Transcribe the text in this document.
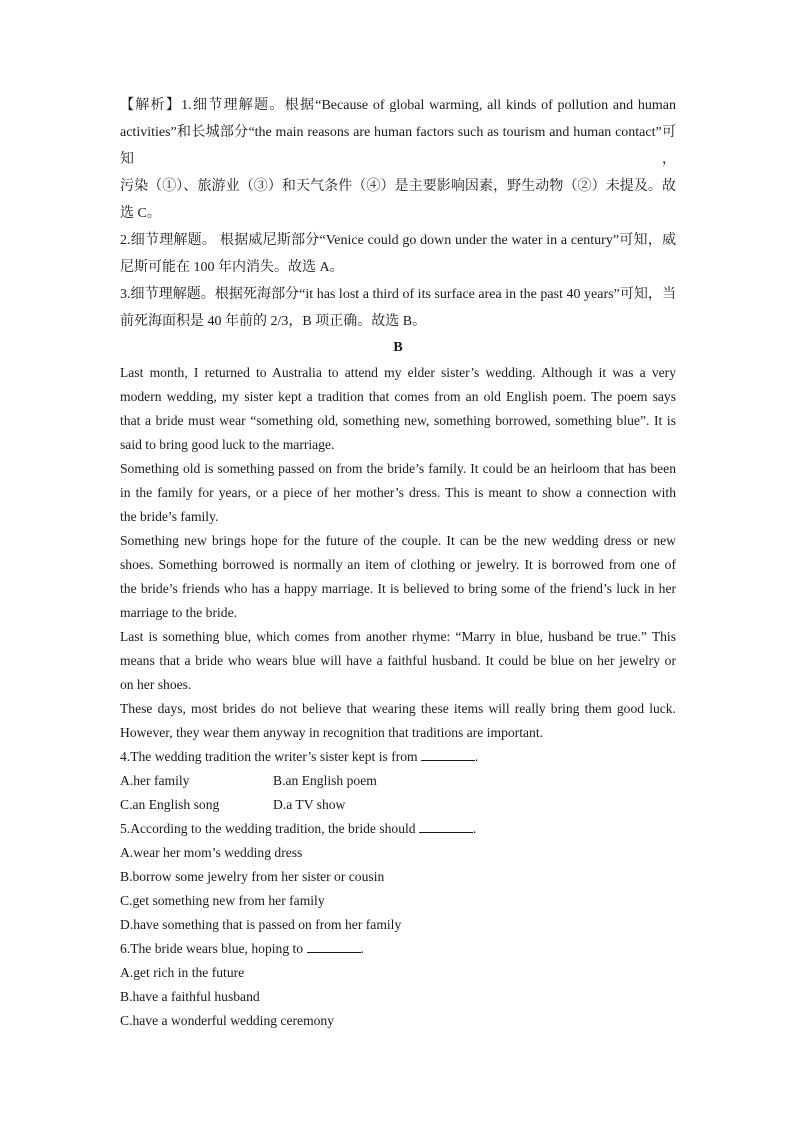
【解析】1.细节理解题。根据“Because of global warming, all kinds of pollution and human

activities”和长城部分“the main reasons are human factors such as tourism and human contact”可知，

污染（①）、旅游业（③）和天气条件（④）是主要影响因素，野生动物（②）未提及。故

选 C。

2.细节理解题。 根据威尼斯部分“Venice could go down under the water in a century”可知，威

尼斯可能在 100 年内消失。故选 A。

3.细节理解题。根据死海部分“it has lost a third of its surface area in the past 40 years”可知，当

前死海面积是 40 年前的 2/3，B 项正确。故选 B。

B

Last month, I returned to Australia to attend my elder sister’s wedding. Although it was a very
modern wedding, my sister kept a tradition that comes from an old English poem. The poem says
that a bride must wear “something old, something new, something borrowed, something blue”. It is
said to bring good luck to the marriage.

Something old is something passed on from the bride’s family. It could be an heirloom that has been
in the family for years, or a piece of her mother’s dress. This is meant to show a connection with
the bride’s family.

Something new brings hope for the future of the couple. It can be the new wedding dress or new
shoes. Something borrowed is normally an item of clothing or jewelry. It is borrowed from one of
the bride’s friends who has a happy marriage. It is believed to bring some of the friend’s luck in her
marriage to the bride.

Last is something blue, which comes from another rhyme: “Marry in blue, husband be true.” This
means that a bride who wears blue will have a faithful husband. It could be blue on her jewelry or
on her shoes.

These days, most brides do not believe that wearing these items will really bring them good luck.
However, they wear them anyway in recognition that traditions are important.

4.The wedding tradition the writer’s sister kept is from	.

A.her family	B.an English poem
C.an English song	D.a TV show

5.According to the wedding tradition, the bride should	.

A.wear her mom’s wedding dress

B.borrow some jewelry from her sister or cousin

C.get something new from her family

D.have something that is passed on from her family

6.The bride wears blue, hoping to	.

A.get rich in the future

B.have a faithful husband

C.have a wonderful wedding ceremony
